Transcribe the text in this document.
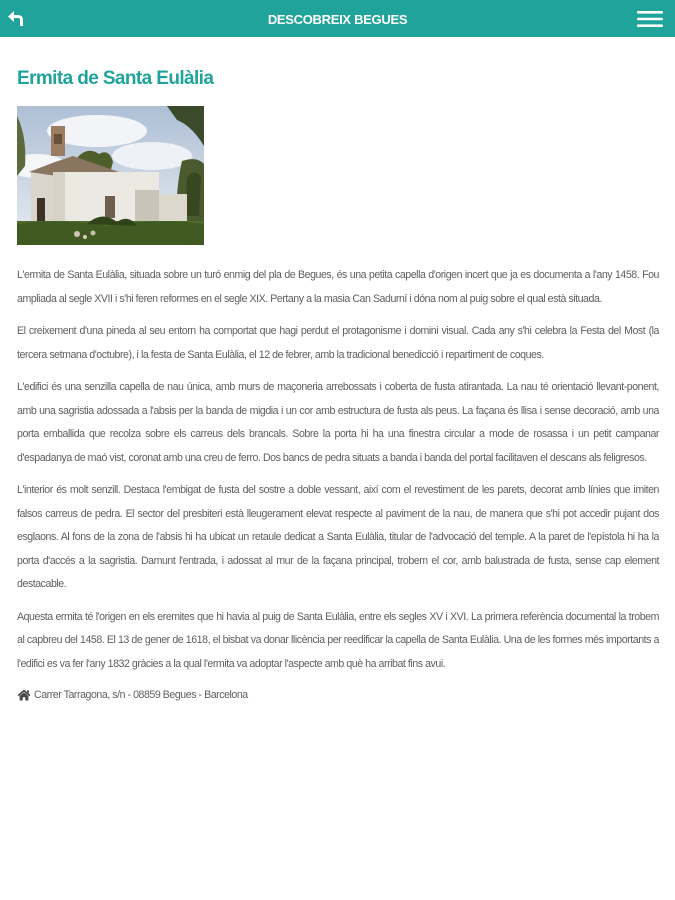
DESCOBREIX BEGUES
Ermita de Santa Eulàlia

L'ermita de Santa Eulàlia, situada sobre un turó enmig del pla de Begues, és una petita capella d'origen incert que ja es documenta a l'any 1458. Fou ampliada al segle XVII i s'hi feren reformes en el segle XIX. Pertany a la masia Can Sadurní i dóna nom al puig sobre el qual està situada.

El creixement d'una pineda al seu entorn ha comportat que hagi perdut el protagonisme i domini visual. Cada any s'hi celebra la Festa del Most (la tercera setmana d'octubre), i la festa de Santa Eulàlia, el 12 de febrer, amb la tradicional benedicció i repartiment de coques.

L'edifici és una senzilla capella de nau única, amb murs de maçoneria arrebossats i coberta de fusta atirantada. La nau té orientació llevant-ponent, amb una sagristia adossada a l'absis per la banda de migdia i un cor amb estructura de fusta als peus. La façana és llisa i sense decoració, amb una porta emballida que recolza sobre els carreus dels brancals. Sobre la porta hi ha una finestra circular a mode de rosassa i un petit campanar d'espadanya de maó vist, coronat amb una creu de ferro. Dos bancs de pedra situats a banda i banda del portal facilitaven el descans als feligresos.

L'interior és molt senzill. Destaca l'embigat de fusta del sostre a doble vessant, així com el revestiment de les parets, decorat amb línies que imiten falsos carreus de pedra. El sector del presbiteri està lleugerament elevat respecte al paviment de la nau, de manera que s'hi pot accedir pujant dos esglaons. Al fons de la zona de l'absis hi ha ubicat un retaule dedicat a Santa Eulàlia, titular de l'advocació del temple. A la paret de l'epístola hi ha la porta d'accés a la sagristia. Damunt l'entrada, i adossat al mur de la façana principal, trobem el cor, amb balustrada de fusta, sense cap element destacable.

Aquesta ermita té l'origen en els eremites que hi havia al puig de Santa Eulàlia, entre els segles XV i XVI. La primera referència documental la trobem al capbreu del 1458. El 13 de gener de 1618, el bisbat va donar llicència per reedificar la capella de Santa Eulàlia. Una de les formes més importants a l'edifici es va fer l'any 1832 gràcies a la qual l'ermita va adoptar l'aspecte amb què ha arribat fins avui.

Carrer Tarragona, s/n - 08859 Begues - Barcelona
